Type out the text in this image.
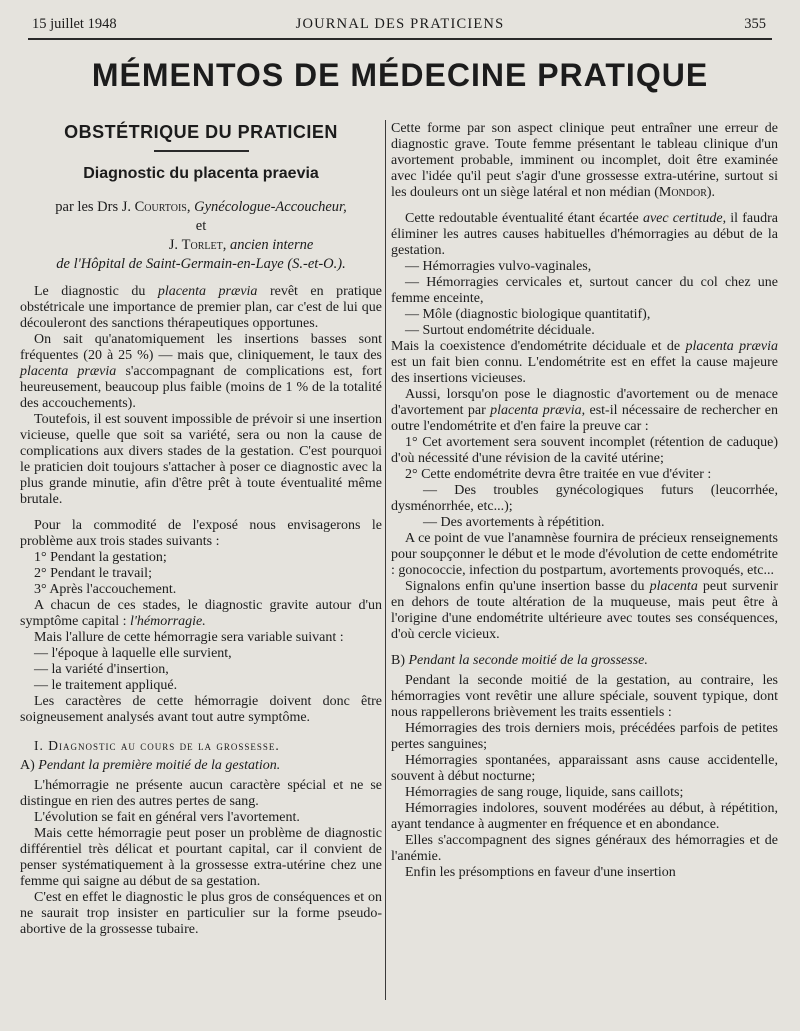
15 juillet 1948	JOURNAL DES PRATICIENS	355
MÉMENTOS DE MÉDECINE PRATIQUE
OBSTÉTRIQUE DU PRATICIEN
Diagnostic du placenta praevia
par les Drs J. Courtois, Gynécologue-Accoucheur,
et
J. Torlet, ancien interne
de l'Hôpital de Saint-Germain-en-Laye (S.-et-O.).

Le diagnostic du placenta prævia revêt en pratique obstétricale une importance de premier plan, car c'est de lui que découleront des sanctions thérapeutiques opportunes.

On sait qu'anatomiquement les insertions basses sont fréquentes (20 à 25 %) — mais que, cliniquement, le taux des placenta prævia s'accompagnant de complications est, fort heureusement, beaucoup plus faible (moins de 1 % de la totalité des accouchements).

Toutefois, il est souvent impossible de prévoir si une insertion vicieuse, quelle que soit sa variété, sera ou non la cause de complications aux divers stades de la gestation. C'est pourquoi le praticien doit toujours s'attacher à poser ce diagnostic avec la plus grande minutie, afin d'être prêt à toute éventualité même brutale.

Pour la commodité de l'exposé nous envisagerons le problème aux trois stades suivants :

1° Pendant la gestation;

2° Pendant le travail;

3° Après l'accouchement.

A chacun de ces stades, le diagnostic gravite autour d'un symptôme capital : l'hémorragie.

Mais l'allure de cette hémorragie sera variable suivant :

— l'époque à laquelle elle survient,

— la variété d'insertion,

— le traitement appliqué.

Les caractères de cette hémorragie doivent donc être soigneusement analysés avant tout autre symptôme.

I. Diagnostic au cours de la grossesse.

A) Pendant la première moitié de la gestation.

L'hémorragie ne présente aucun caractère spécial et ne se distingue en rien des autres pertes de sang.

L'évolution se fait en général vers l'avortement.

Mais cette hémorragie peut poser un problème de diagnostic différentiel très délicat et pourtant capital, car il convient de penser systématiquement à la grossesse extra-utérine chez une femme qui saigne au début de sa gestation.

C'est en effet le diagnostic le plus gros de conséquences et on ne saurait trop insister en particulier sur la forme pseudo-abortive de la grossesse tubaire.

Cette forme par son aspect clinique peut entraîner une erreur de diagnostic grave. Toute femme présentant le tableau clinique d'un avortement probable, imminent ou incomplet, doit être examinée avec l'idée qu'il peut s'agir d'une grossesse extra-utérine, surtout si les douleurs ont un siège latéral et non médian (Mondor).

Cette redoutable éventualité étant écartée avec certitude, il faudra éliminer les autres causes habituelles d'hémorragies au début de la gestation.

— Hémorragies vulvo-vaginales,

— Hémorragies cervicales et, surtout cancer du col chez une femme enceinte,

— Môle (diagnostic biologique quantitatif),

— Surtout endométrite déciduale.

Mais la coexistence d'endométrite déciduale et de placenta prævia est un fait bien connu. L'endométrite est en effet la cause majeure des insertions vicieuses.

Aussi, lorsqu'on pose le diagnostic d'avortement ou de menace d'avortement par placenta prævia, est-il nécessaire de rechercher en outre l'endométrite et d'en faire la preuve car :

1° Cet avortement sera souvent incomplet (rétention de caduque) d'où nécessité d'une révision de la cavité utérine;

2° Cette endométrite devra être traitée en vue d'éviter :

— Des troubles gynécologiques futurs (leucorrhée, dysménorrhée, etc...);

— Des avortements à répétition.

A ce point de vue l'anamnèse fournira de précieux renseignements pour soupçonner le début et le mode d'évolution de cette endométrite : gonococcie, infection du postpartum, avortements provoqués, etc...

Signalons enfin qu'une insertion basse du placenta peut survenir en dehors de toute altération de la muqueuse, mais peut être à l'origine d'une endométrite ultérieure avec toutes ses conséquences, d'où cercle vicieux.

B) Pendant la seconde moitié de la grossesse.

Pendant la seconde moitié de la gestation, au contraire, les hémorragies vont revêtir une allure spéciale, souvent typique, dont nous rappellerons brièvement les traits essentiels :

Hémorragies des trois derniers mois, précédées parfois de petites pertes sanguines;

Hémorragies spontanées, apparaissant asns cause accidentelle, souvent à début nocturne;

Hémorragies de sang rouge, liquide, sans caillots;

Hémorragies indolores, souvent modérées au début, à répétition, ayant tendance à augmenter en fréquence et en abondance.

Elles s'accompagnent des signes généraux des hémorragies et de l'anémie.

Enfin les présomptions en faveur d'une insertion
